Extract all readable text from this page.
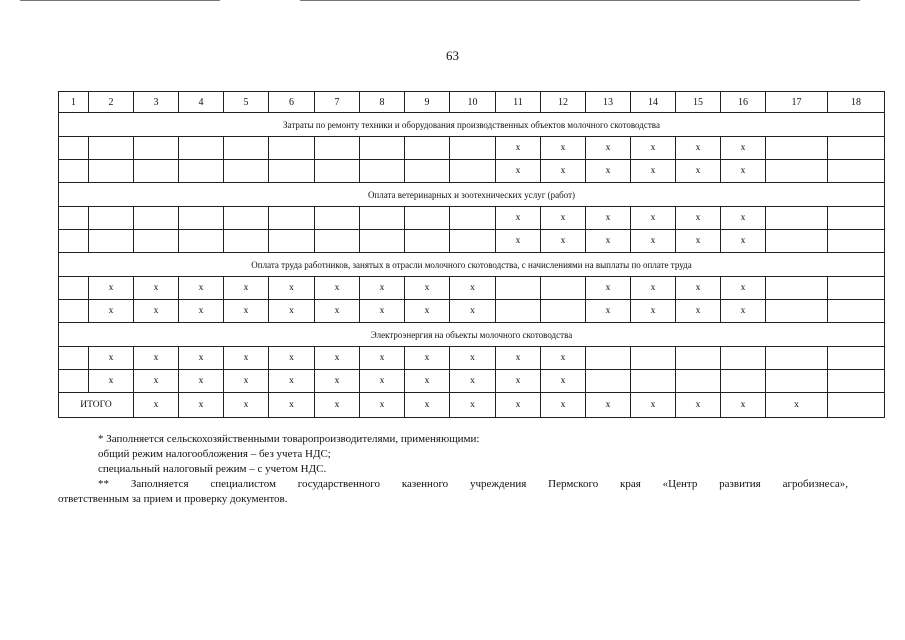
63
1	2	3	4	5	6	7	8	9	10	11	12	13	14	15	16	17	18	
Затраты по ремонту техники и оборудования производственных объектов молочного скотоводства																		
										x	x	x	x	x	x			
										x	x	x	x	x	x			
Оплата ветеринарных и зоотехнических услуг (работ)																		
										x	x	x	x	x	x			
										x	x	x	x	x	x			
Оплата труда работников, занятых в отрасли молочного скотоводства, с начислениями на выплаты по оплате труда																		
	x	x	x	x	x	x	x	x	x			x	x	x	x			
	x	x	x	x	x	x	x	x	x			x	x	x	x			
Электроэнергия на объекты молочного скотоводства																		
	x	x	x	x	x	x	x	x	x	x	x							
	x	x	x	x	x	x	x	x	x	x	x							
ИТОГО		x	x	x	x	x	x	x	x	x	x	x	x	x	x	x		

* Заполняется сельскохозяйственными товаропроизводителями, применяющими:

общий режим налогообложения – без учета НДС;

специальный налоговый режим – с учетом НДС.

** Заполняется специалистом государственного казенного учреждения Пермского края «Центр развития агробизнеса»,

ответственным за прием и проверку документов.
